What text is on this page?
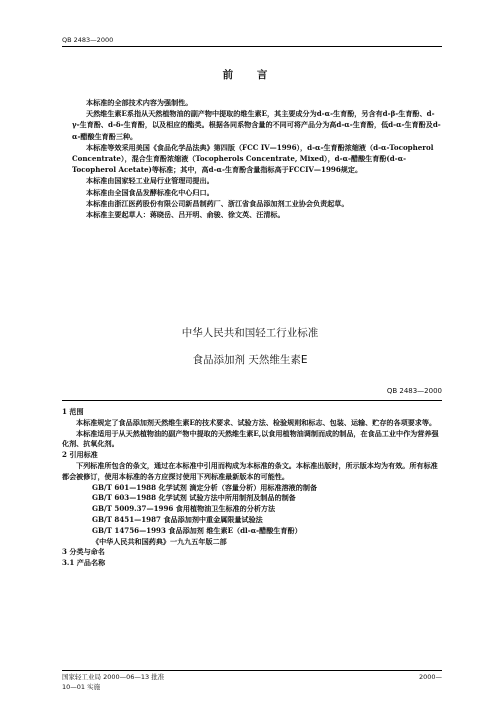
QB 2483—2000
前 言

本标准的全部技术内容为强制性。

天然维生素E系指从天然植物油的副产物中提取的维生素E，其主要成分为d-α-生育酚，另含有d-β-生育酚、d-γ-生育酚、d-δ-生育酚，以及相应的酯类。根据各同系物含量的不同可将产品分为高d-α-生育酚，低d-α-生育酚及d-α-醋酸生育酚三种。

本标准等效采用美国《食品化学品法典》第四版（FCC IV—1996），d-α-生育酚浓缩液（d-α-Tocopherol Concentrate），混合生育酚浓缩液（Tocopherols Concentrate, Mixed），d-α-醋酸生育酚(d-α-Tocopherol Acetate)等标准；其中，高d-α-生育酚含量指标高于FCCIV—1996规定。

本标准由国家轻工业局行业管理司提出。

本标准由全国食品发酵标准化中心归口。

本标准由浙江医药股份有限公司新昌制药厂、浙江省食品添加剂工业协会负责起草。

本标准主要起草人：蒋晓岳、吕开明、俞骏、徐文英、汪清标。

中华人民共和国轻工行业标准
食品添加剂 天然维生素E
QB 2483—2000

1 范围

本标准规定了食品添加剂天然维生素E的技术要求、试验方法、检验规则和标志、包装、运输、贮存的各项要求等。

本标准适用于从天然植物油的副产物中提取的天然维生素E,以食用植物油调制而成的制品，在食品工业中作为营养强化剂、抗氧化剂。

2 引用标准

下列标准所包含的条文，通过在本标准中引用而构成为本标准的条文。本标准出版时，所示版本均为有效。所有标准都会被修订，使用本标准的各方应探讨使用下列标准最新版本的可能性。

GB/T 601—1988 化学试剂 滴定分析（容量分析）用标准溶液的制备

GB/T 603—1988 化学试剂 试验方法中所用制剂及制品的制备

GB/T 5009.37—1996 食用植物油卫生标准的分析方法

GB/T 8451—1987 食品添加剂中重金属限量试验法

GB/T 14756—1993 食品添加剂 维生素E（dl-α-醋酸生育酚）

《中华人民共和国药典》一九九五年版二部

3 分类与命名

3.1 产品名称

国家轻工业局 2000—06—13 批准
10—01 实施
2000—
